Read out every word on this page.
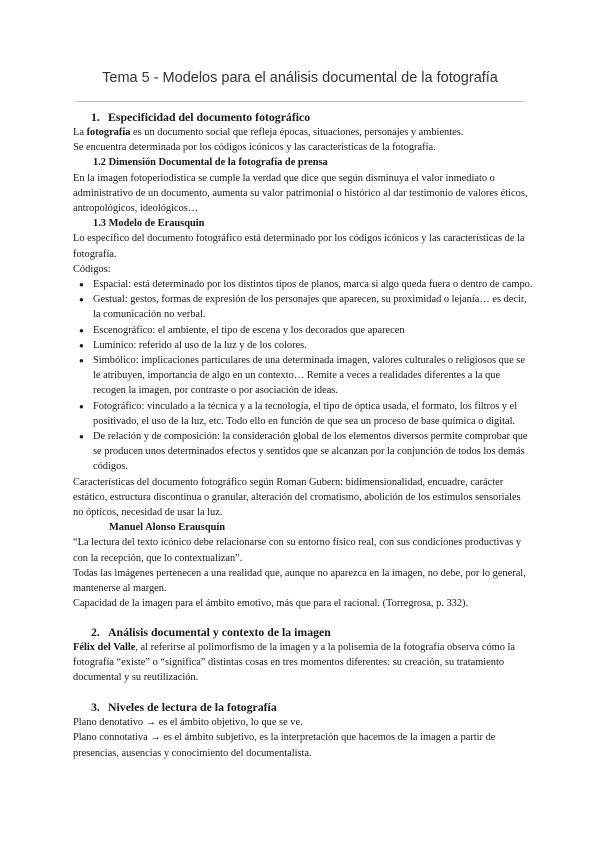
Tema 5 - Modelos para el análisis documental de la fotografía

1. Especificidad del documento fotográfico

La fotografía es un documento social que refleja épocas, situaciones, personajes y ambientes.

Se encuentra determinada por los códigos icónicos y las características de la fotografía.

1.2 Dimensión Documental de la fotografía de prensa

En la imagen fotoperiodística se cumple la verdad que dice que según disminuya el valor inmediato o administrativo de un documento, aumenta su valor patrimonial o histórico al dar testimonio de valores éticos, antropológicos, ideológicos…

1.3 Modelo de Erausquin

Lo específico del documento fotográfico está determinado por los códigos icónicos y las características de la fotografía.

Códigos:

● Espacial: está determinado por los distintos tipos de planos, marca si algo queda fuera o dentro de campo.
● Gestual: gestos, formas de expresión de los personajes que aparecen, su proximidad o lejanía… es decir, la comunicación no verbal.
● Escenográfico: el ambiente, el tipo de escena y los decorados que aparecen
● Lumínico: referido al uso de la luz y de los colores.
● Simbólico: implicaciones particulares de una determinada imagen, valores culturales o religiosos que se le atribuyen, importancia de algo en un contexto… Remite a veces a realidades diferentes a la que recogen la imagen, por contraste o por asociación de ideas.
● Fotográfico: vinculado a la técnica y a la tecnología, el tipo de óptica usada, el formato, los filtros y el positivado, el uso de la luz, etc. Todo ello en función de que sea un proceso de base química o digital.
● De relación y de composición: la consideración global de los elementos diversos permite comprobar que se producen unos determinados efectos y sentidos que se alcanzan por la conjunción de todos los demás códigos.

Características del documento fotográfico según Roman Gubern: bidimensionalidad, encuadre, carácter estático, estructura discontinua o granular, alteración del cromatismo, abolición de los estímulos sensoriales no ópticos, necesidad de usar la luz.

Manuel Alonso Erausquín

“La lectura del texto icónico debe relacionarse con su entorno físico real, con sus condiciones productivas y con la recepción, que lo contextualizan”.

Todas las imágenes pertenecen a una realidad que, aunque no aparezca en la imagen, no debe, por lo general, mantenerse al margen.

Capacidad de la imagen para el ámbito emotivo, más que para el racional. (Torregrosa, p. 332).

2. Análisis documental y contexto de la imagen

Félix del Valle, al referirse al polimorfismo de la imagen y a la polisemia de la fotografía observa cómo la fotografía “existe” o “significa” distintas cosas en tres momentos diferentes: su creación, su tratamiento documental y su reutilización.

3. Niveles de lectura de la fotografía

Plano denotativo → es el ámbito objetivo, lo que se ve.

Plano connotativa → es el ámbito subjetivo, es la interpretación que hacemos de la imagen a partir de presencias, ausencias y conocimiento del documentalista.
